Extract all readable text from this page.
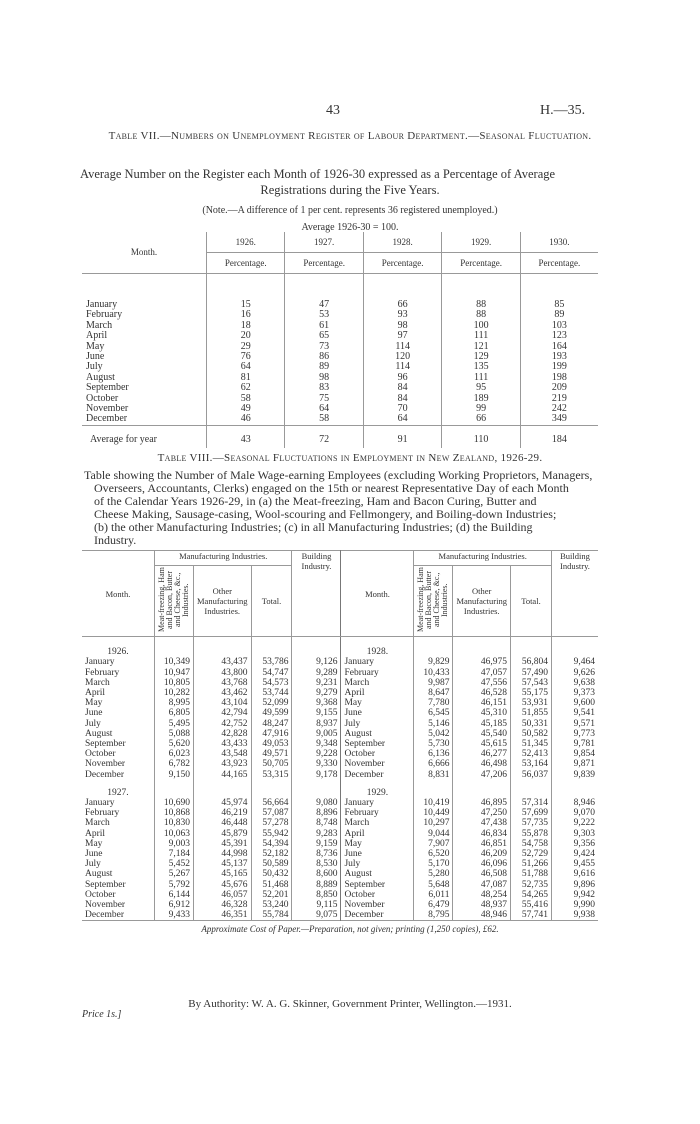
43	H.—35.
Table VII.—Numbers on Unemployment Register of Labour Department.—Seasonal Fluctuation.
Average Number on the Register each Month of 1926-30 expressed as a Percentage of Average
Registrations during the Five Years.
(Note.—A difference of 1 per cent. represents 36 registered unemployed.)
Average 1926-30 = 100.
Month.	1926.	1927.	1928.	1929.	1930.
	Percentage.	Percentage.	Percentage.	Percentage.	Percentage.
January	15	47	66	88	85
February	16	53	93	88	89
March	18	61	98	100	103
April	20	65	97	111	123
May	29	73	114	121	164
June	76	86	120	129	193
July	64	89	114	135	199
August	81	98	96	111	198
September	62	83	84	95	209
October	58	75	84	189	219
November	49	64	70	99	242
December	46	58	64	66	349
Average for year	43	72	91	110	184
Table VIII.—Seasonal Fluctuations in Employment in New Zealand, 1926-29.
Table showing the Number of Male Wage-earning Employees (excluding Working Proprietors, Managers,
Overseers, Accountants, Clerks) engaged on the 15th or nearest Representative Day of each Month
of the Calendar Years 1926-29, in (a) the Meat-freezing, Ham and Bacon Curing, Butter and
Cheese Making, Sausage-casing, Wool-scouring and Fellmongery, and Boiling-down Industries;
(b) the other Manufacturing Industries; (c) in all Manufacturing Industries; (d) the Building
Industry.
Month.	Manufacturing Industries.			Building Industry.	Month.	Manufacturing Industries.			Building Industry.
	Meat-freezing, Ham and Bacon, Butter and Cheese, &c., Industries.	Other Manufacturing Industries.	Total.			Meat-freezing, Ham and Bacon, Butter and Cheese, &c., Industries.	Other Manufacturing Industries.	Total.	
1926.					1928.				
January	10,349	43,437	53,786	9,126	January	9,829	46,975	56,804	9,464
February	10,947	43,800	54,747	9,289	February	10,433	47,057	57,490	9,626
March	10,805	43,768	54,573	9,231	March	9,987	47,556	57,543	9,638
April	10,282	43,462	53,744	9,279	April	8,647	46,528	55,175	9,373
May	8,995	43,104	52,099	9,368	May	7,780	46,151	53,931	9,600
June	6,805	42,794	49,599	9,155	June	6,545	45,310	51,855	9,541
July	5,495	42,752	48,247	8,937	July	5,146	45,185	50,331	9,571
August	5,088	42,828	47,916	9,005	August	5,042	45,540	50,582	9,773
September	5,620	43,433	49,053	9,348	September	5,730	45,615	51,345	9,781
October	6,023	43,548	49,571	9,228	October	6,136	46,277	52,413	9,854
November	6,782	43,923	50,705	9,330	November	6,666	46,498	53,164	9,871
December	9,150	44,165	53,315	9,178	December	8,831	47,206	56,037	9,839
1927.					1929.				
January	10,690	45,974	56,664	9,080	January	10,419	46,895	57,314	8,946
February	10,868	46,219	57,087	8,896	February	10,449	47,250	57,699	9,070
March	10,830	46,448	57,278	8,748	March	10,297	47,438	57,735	9,222
April	10,063	45,879	55,942	9,283	April	9,044	46,834	55,878	9,303
May	9,003	45,391	54,394	9,159	May	7,907	46,851	54,758	9,356
June	7,184	44,998	52,182	8,736	June	6,520	46,209	52,729	9,424
July	5,452	45,137	50,589	8,530	July	5,170	46,096	51,266	9,455
August	5,267	45,165	50,432	8,600	August	5,280	46,508	51,788	9,616
September	5,792	45,676	51,468	8,889	September	5,648	47,087	52,735	9,896
October	6,144	46,057	52,201	8,850	October	6,011	48,254	54,265	9,942
November	6,912	46,328	53,240	9,115	November	6,479	48,937	55,416	9,990
December	9,433	46,351	55,784	9,075	December	8,795	48,946	57,741	9,938

Approximate Cost of Paper.—Preparation, not given; printing (1,250 copies), £62.
By Authority: W. A. G. Skinner, Government Printer, Wellington.—1931.
Price 1s.]
